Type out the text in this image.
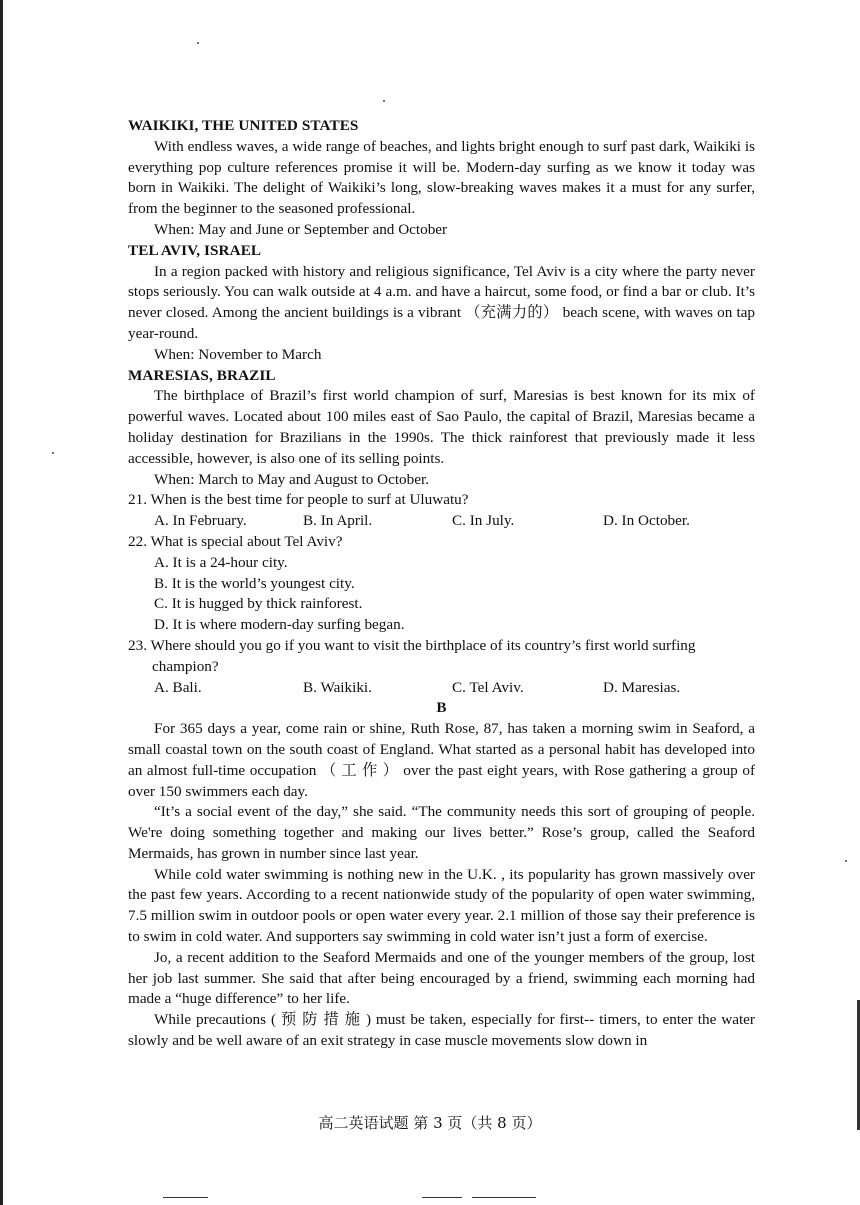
WAIKIKI, THE UNITED STATES

With endless waves, a wide range of beaches, and lights bright enough to surf past dark, Waikiki is everything pop culture references promise it will be. Modern-day surfing as we know it today was born in Waikiki. The delight of Waikiki’s long, slow-breaking waves makes it a must for any surfer, from the beginner to the seasoned professional.

When: May and June or September and October

TEL AVIV, ISRAEL

In a region packed with history and religious significance, Tel Aviv is a city where the party never stops seriously. You can walk outside at 4 a.m. and have a haircut, some food, or find a bar or club. It’s never closed. Among the ancient buildings is a vibrant （充满力的） beach scene, with waves on tap year-round.

When: November to March

MARESIAS, BRAZIL

The birthplace of Brazil’s first world champion of surf, Maresias is best known for its mix of powerful waves. Located about 100 miles east of Sao Paulo, the capital of Brazil, Maresias became a holiday destination for Brazilians in the 1990s. The thick rainforest that previously made it less accessible, however, is also one of its selling points.

When: March to May and August to October.

21. When is the best time for people to surf at Uluwatu?

A. In February.	B. In April.	C. In July.	D. In October.

22. What is special about Tel Aviv?

A. It is a 24-hour city.

B. It is the world’s youngest city.

C. It is hugged by thick rainforest.

D. It is where modern-day surfing began.

23. Where should you go if you want to visit the birthplace of its country’s first world surfing champion?

A. Bali.	B. Waikiki.	C. Tel Aviv.	D. Maresias.

B

For 365 days a year, come rain or shine, Ruth Rose, 87, has taken a morning swim in Seaford, a small coastal town on the south coast of England. What started as a personal habit has developed into an almost full-time occupation （ 工 作 ） over the past eight years, with Rose gathering a group of over 150 swimmers each day.

“It’s a social event of the day,” she said. “The community needs this sort of grouping of people. We're doing something together and making our lives better.” Rose’s group, called the Seaford Mermaids, has grown in number since last year.

While cold water swimming is nothing new in the U.K. , its popularity has grown massively over the past few years. According to a recent nationwide study of the popularity of open water swimming, 7.5 million swim in outdoor pools or open water every year. 2.1 million of those say their preference is to swim in cold water. And supporters say swimming in cold water isn’t just a form of exercise.

Jo, a recent addition to the Seaford Mermaids and one of the younger members of the group, lost her job last summer. She said that after being encouraged by a friend, swimming each morning had made a “huge difference” to her life.

While precautions ( 预 防 措 施 ) must be taken, especially for first-- timers, to enter the water slowly and be well aware of an exit strategy in case muscle movements slow down in

高二英语试题 第 3 页（共 8 页）
